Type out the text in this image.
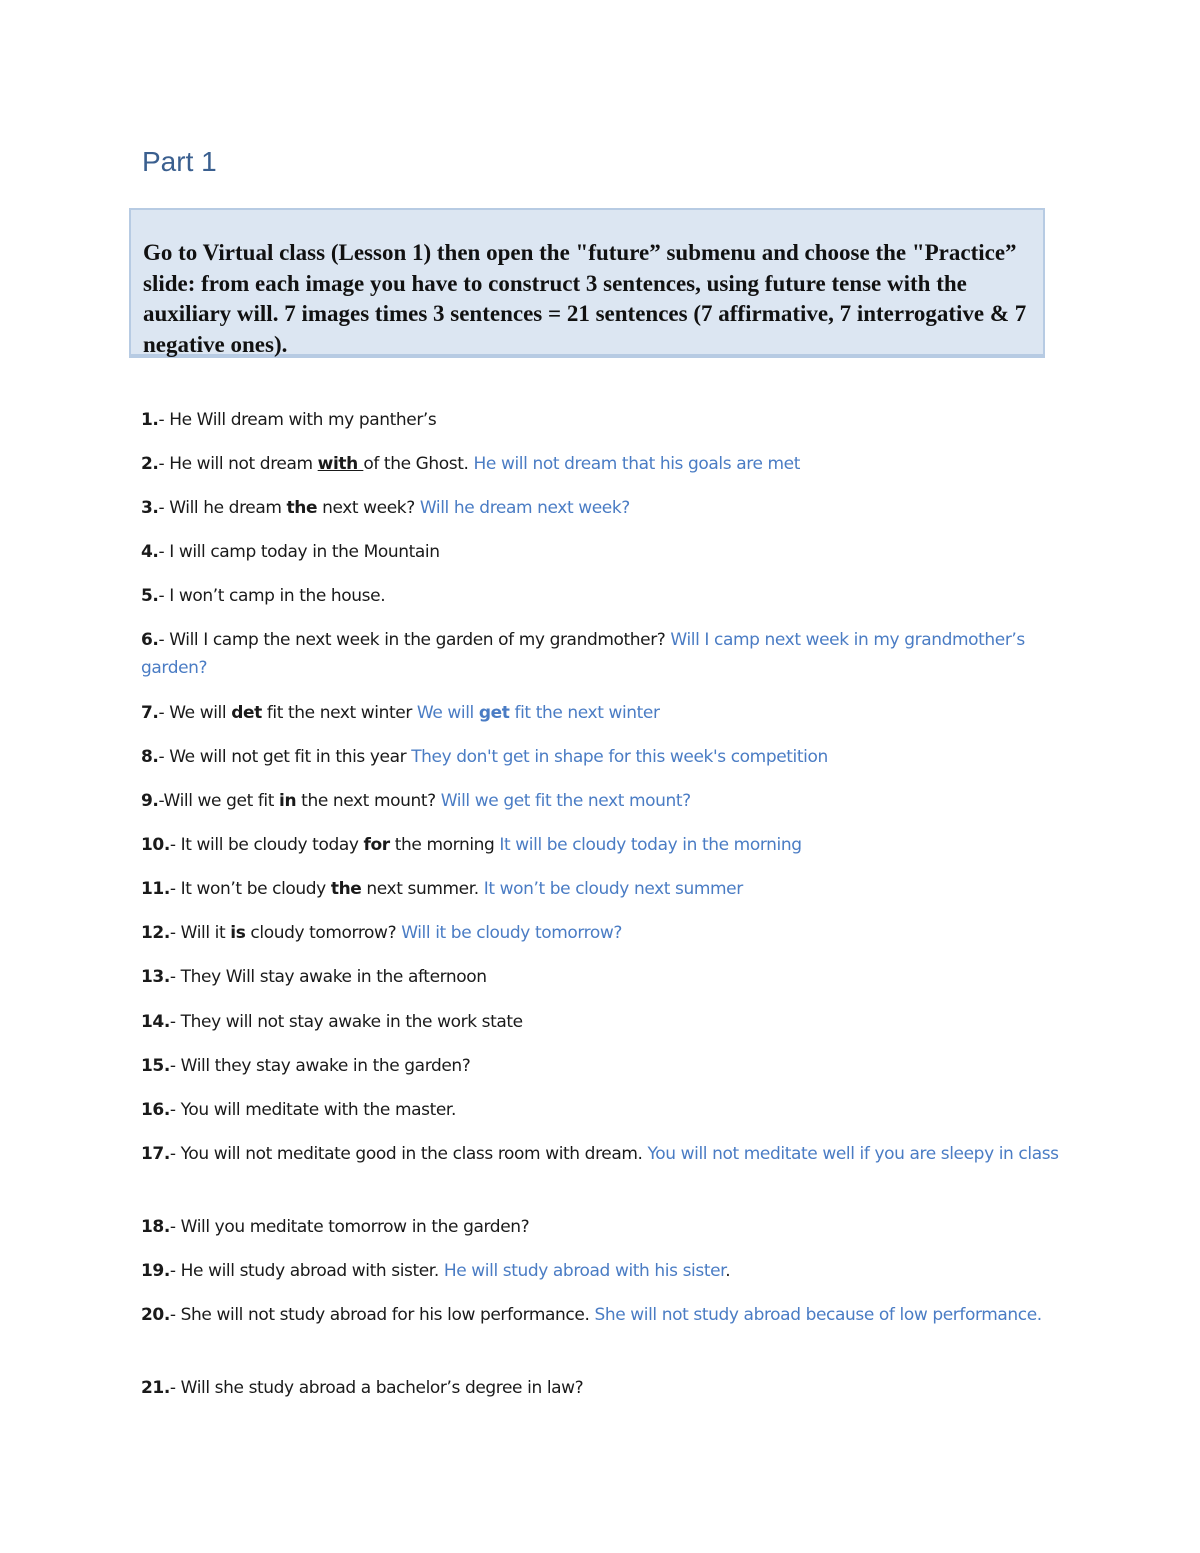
Part 1
Go to Virtual class (Lesson 1) then open the "future” submenu and choose the "Practice” slide: from each image you have to construct 3 sentences, using future tense with the auxiliary will. 7 images times 3 sentences = 21 sentences (7 affirmative, 7 interrogative & 7 negative ones).

1.- He Will dream with my panther’s

2.- He will not dream with of the Ghost. He will not dream that his goals are met

3.- Will he dream the next week? Will he dream next week?

4.- I will camp today in the Mountain

5.- I won’t camp in the house.

6.- Will I camp the next week in the garden of my grandmother? Will I camp next week in my grandmother’s garden?

7.- We will det fit the next winter We will get fit the next winter

8.- We will not get fit in this year They don't get in shape for this week's competition

9.-Will we get fit in the next mount? Will we get fit the next mount?

10.- It will be cloudy today for the morning It will be cloudy today in the morning

11.- It won’t be cloudy the next summer. It won’t be cloudy next summer

12.- Will it is cloudy tomorrow? Will it be cloudy tomorrow?

13.- They Will stay awake in the afternoon

14.- They will not stay awake in the work state

15.- Will they stay awake in the garden?

16.- You will meditate with the master.

17.- You will not meditate good in the class room with dream. You will not meditate well if you are sleepy in class

18.- Will you meditate tomorrow in the garden?

19.- He will study abroad with sister. He will study abroad with his sister.

20.- She will not study abroad for his low performance. She will not study abroad because of low performance.

21.- Will she study abroad a bachelor’s degree in law?
